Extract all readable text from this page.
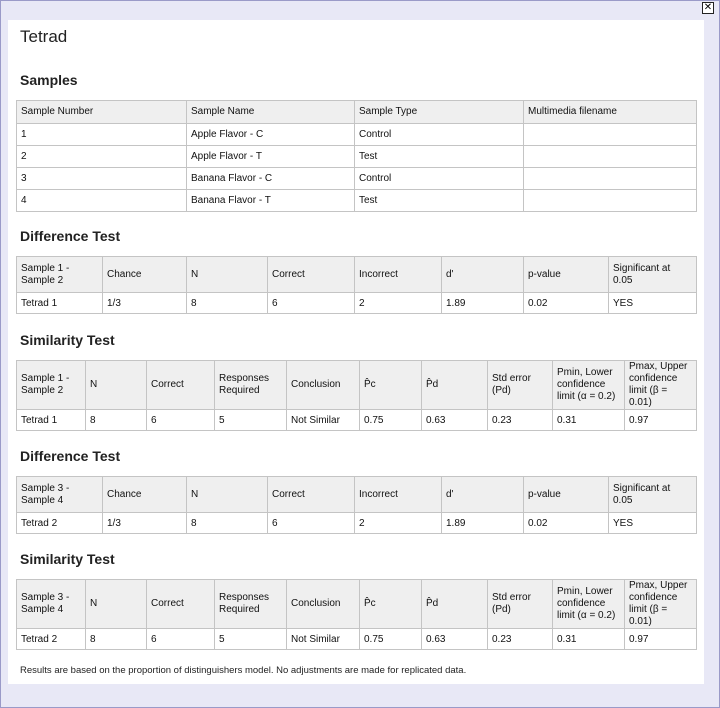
✕
Tetrad
Samples
Sample Number	Sample Name	Sample Type	Multimedia filename
1	Apple Flavor - C	Control	
2	Apple Flavor - T	Test	
3	Banana Flavor - C	Control	
4	Banana Flavor - T	Test	
Difference Test
Sample 1 - Sample 2	Chance	N	Correct	Incorrect	d'	p-value	Significant at 0.05
Tetrad 1	1/3	8	6	2	1.89	0.02	YES
Similarity Test
Sample 1 - Sample 2	N	Correct	Responses Required	Conclusion	P̂c	P̂d	Std error (Pd)	Pmin, Lower confidence limit (α = 0.2)	Pmax, Upper confidence limit (β = 0.01)
Tetrad 1	8	6	5	Not Similar	0.75	0.63	0.23	0.31	0.97
Difference Test
Sample 3 - Sample 4	Chance	N	Correct	Incorrect	d'	p-value	Significant at 0.05
Tetrad 2	1/3	8	6	2	1.89	0.02	YES
Similarity Test
Sample 3 - Sample 4	N	Correct	Responses Required	Conclusion	P̂c	P̂d	Std error (Pd)	Pmin, Lower confidence limit (α = 0.2)	Pmax, Upper confidence limit (β = 0.01)
Tetrad 2	8	6	5	Not Similar	0.75	0.63	0.23	0.31	0.97
Results are based on the proportion of distinguishers model. No adjustments are made for replicated data.
